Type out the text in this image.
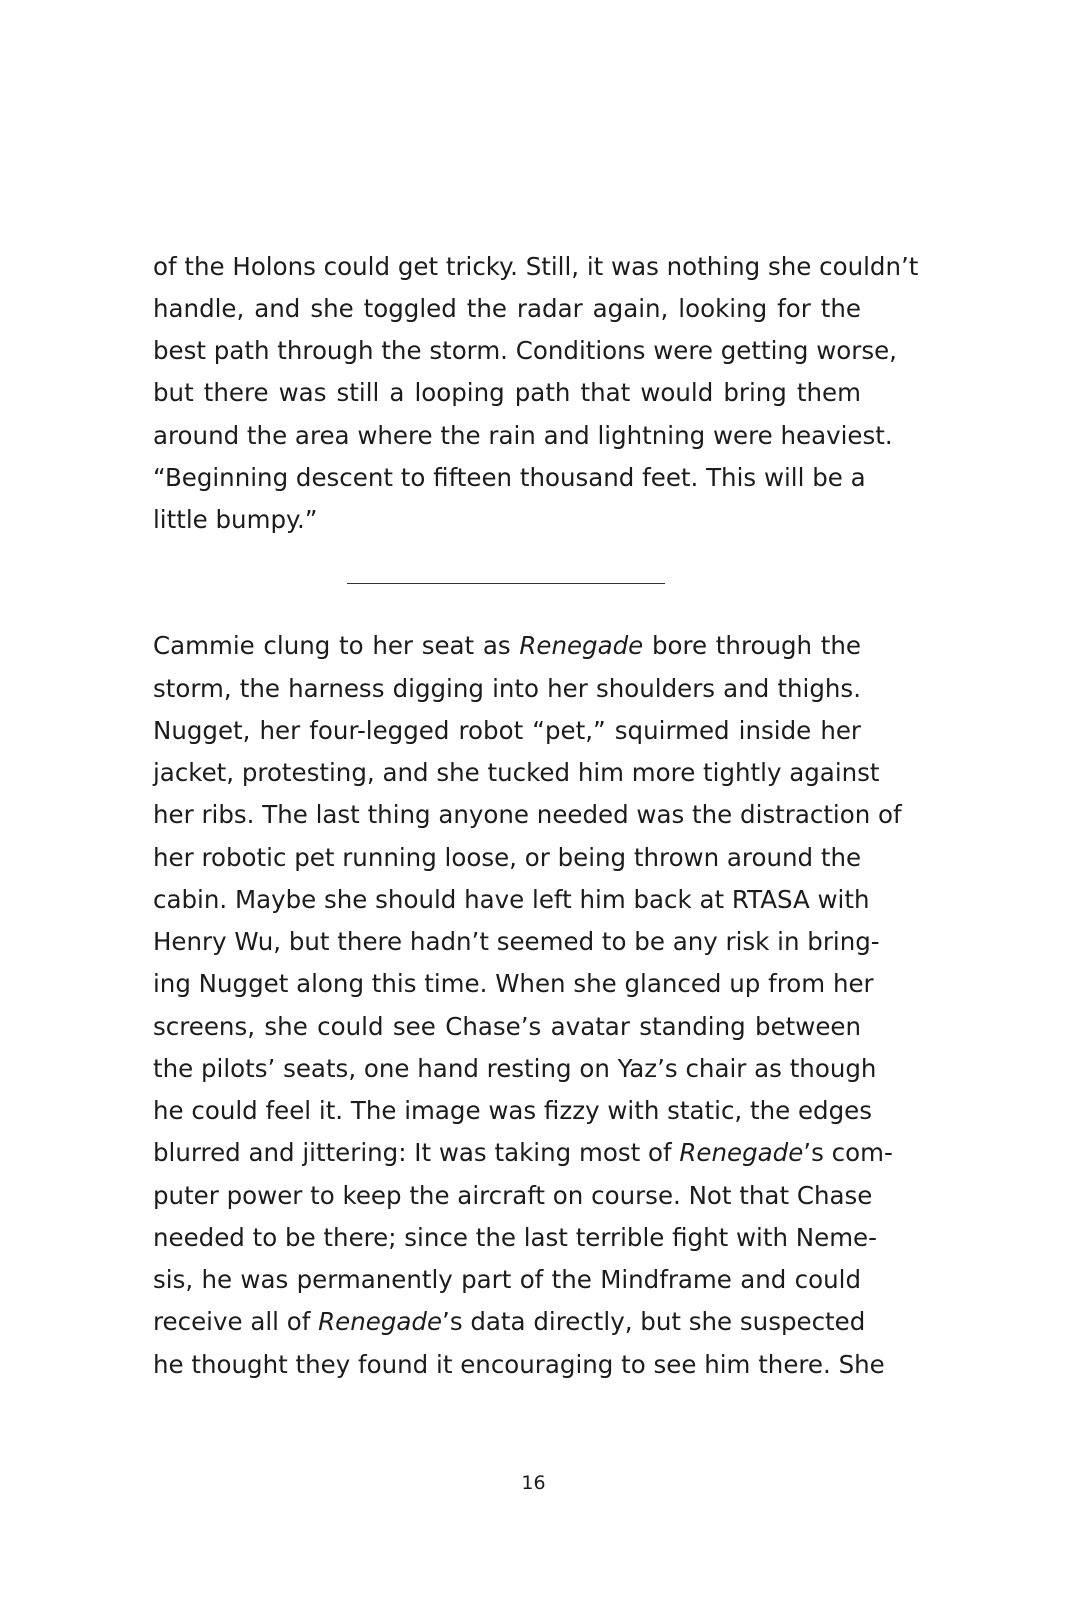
of the Holons could get tricky. Still, it was nothing she couldn’t
handle, and she toggled the radar again, looking for the
best path through the storm. Conditions were getting worse,
but there was still a looping path that would bring them
around the area where the rain and lightning were heaviest.
“Beginning descent to fifteen thousand feet. This will be a
little bumpy.”
Cammie clung to her seat as Renegade bore through the
storm, the harness digging into her shoulders and thighs.
Nugget, her four-legged robot “pet,” squirmed inside her
jacket, protesting, and she tucked him more tightly against
her ribs. The last thing anyone needed was the distraction of
her robotic pet running loose, or being thrown around the
cabin. Maybe she should have left him back at RTASA with
Henry Wu, but there hadn’t seemed to be any risk in bring-
ing Nugget along this time. When she glanced up from her
screens, she could see Chase’s avatar standing between
the pilots’ seats, one hand resting on Yaz’s chair as though
he could feel it. The image was fizzy with static, the edges
blurred and jittering: It was taking most of Renegade’s com-
puter power to keep the aircraft on course. Not that Chase
needed to be there; since the last terrible fight with Neme-
sis, he was permanently part of the Mindframe and could
receive all of Renegade’s data directly, but she suspected
he thought they found it encouraging to see him there. She
16
